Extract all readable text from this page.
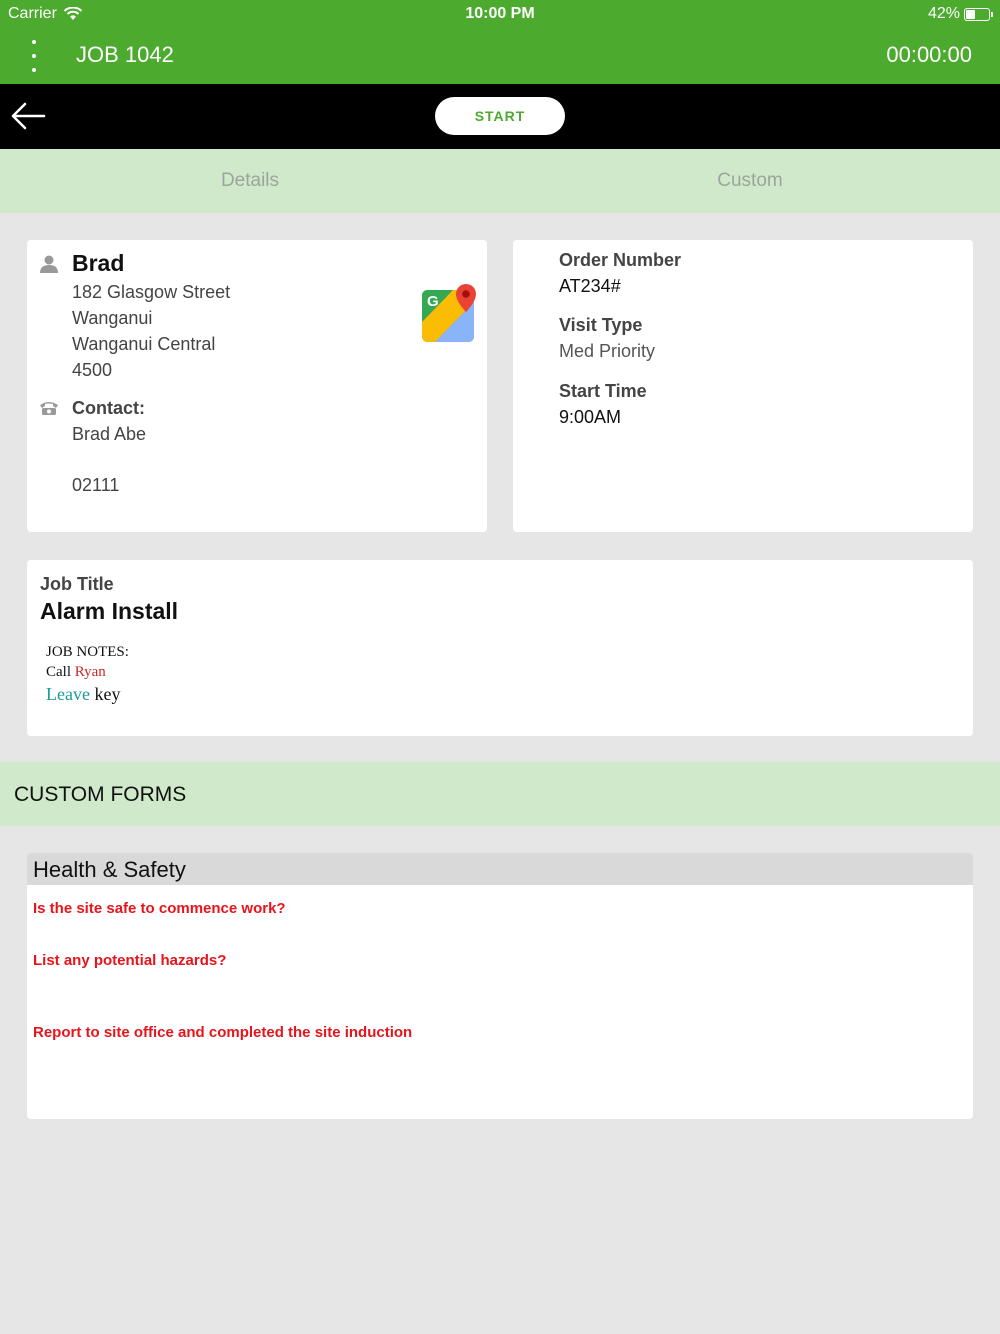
Carrier	10:00 PM	42%
JOB 1042	00:00:00
START
Details	Custom
Brad
182 Glasgow Street
Wanganui
Wanganui Central
4500
Contact:
Brad Abe
02111
G
Order Number
AT234#
Visit Type
Med Priority
Start Time
9:00AM
Job Title
Alarm Install
JOB NOTES:
Call Ryan
Leave key
CUSTOM FORMS
Health & Safety
Is the site safe to commence work?
List any potential hazards?
Report to site office and completed the site induction
